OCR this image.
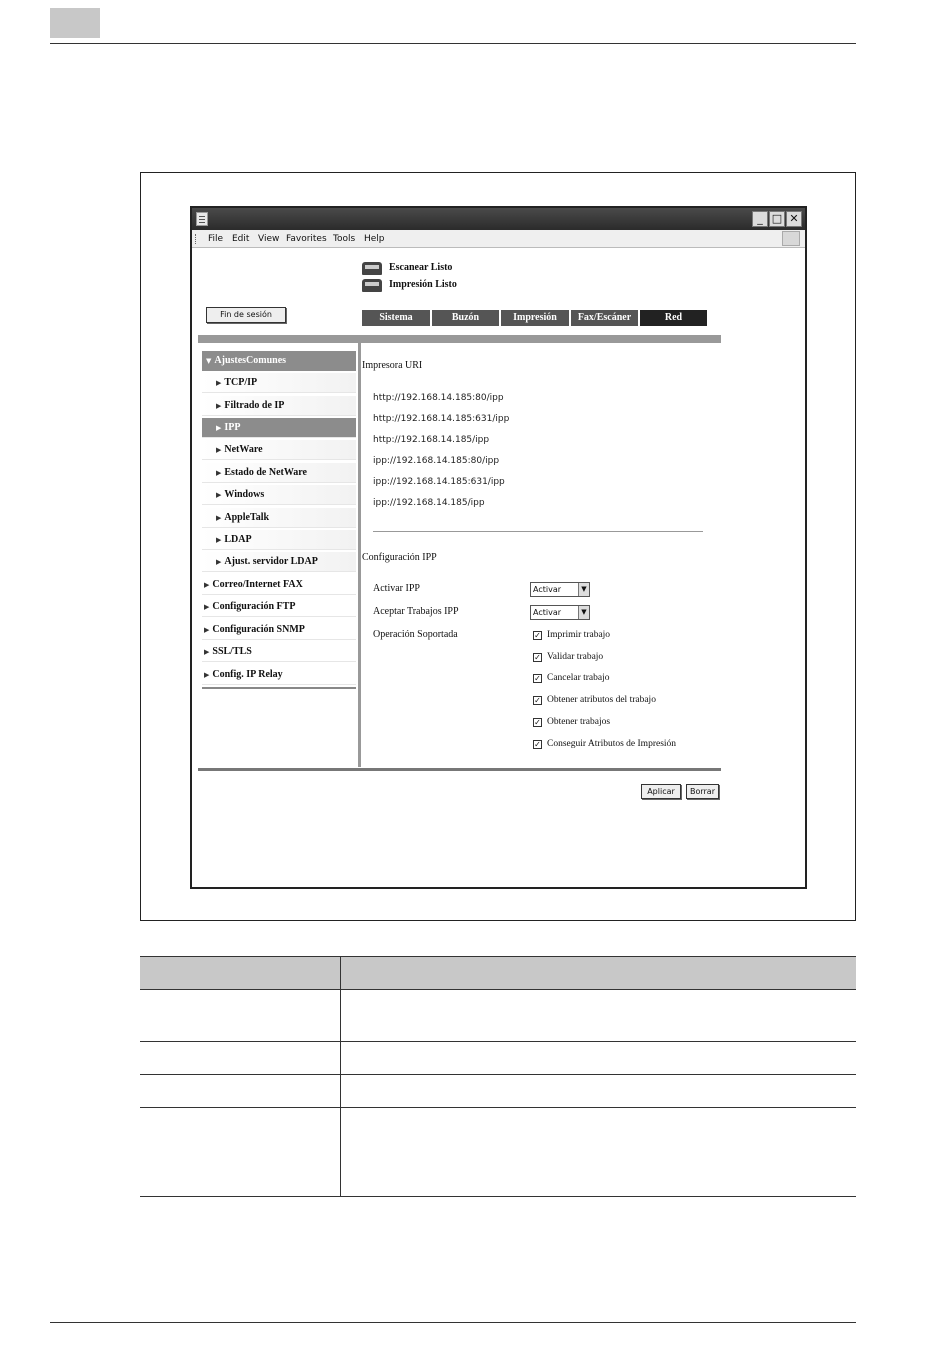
_ □ ✕
File Edit View Favorites Tools Help
Escanear Listo
Impresión Listo
Fin de sesión	Sistema	Buzón	Impresión	Fax/Escáner	Red
▼ AjustesComunes
▶ TCP/IP
▶ Filtrado de IP
▶ IPP
▶ NetWare
▶ Estado de NetWare
▶ Windows
▶ AppleTalk
▶ LDAP
▶ Ajust. servidor LDAP
▶ Correo/Internet FAX
▶ Configuración FTP
▶ Configuración SNMP
▶ SSL/TLS
▶ Config. IP Relay
Impresora URI
http://192.168.14.185:80/ipp
http://192.168.14.185:631/ipp
http://192.168.14.185/ipp
ipp://192.168.14.185:80/ipp
ipp://192.168.14.185:631/ipp
ipp://192.168.14.185/ipp
Configuración IPP
Activar IPP	Activar	▼
Aceptar Trabajos IPP	Activar	▼
Operación Soportada	✓ Imprimir trabajo
✓ Validar trabajo
✓ Cancelar trabajo
✓ Obtener atributos del trabajo
✓ Obtener trabajos
✓ Conseguir Atributos de Impresión
Aplicar	Borrar
